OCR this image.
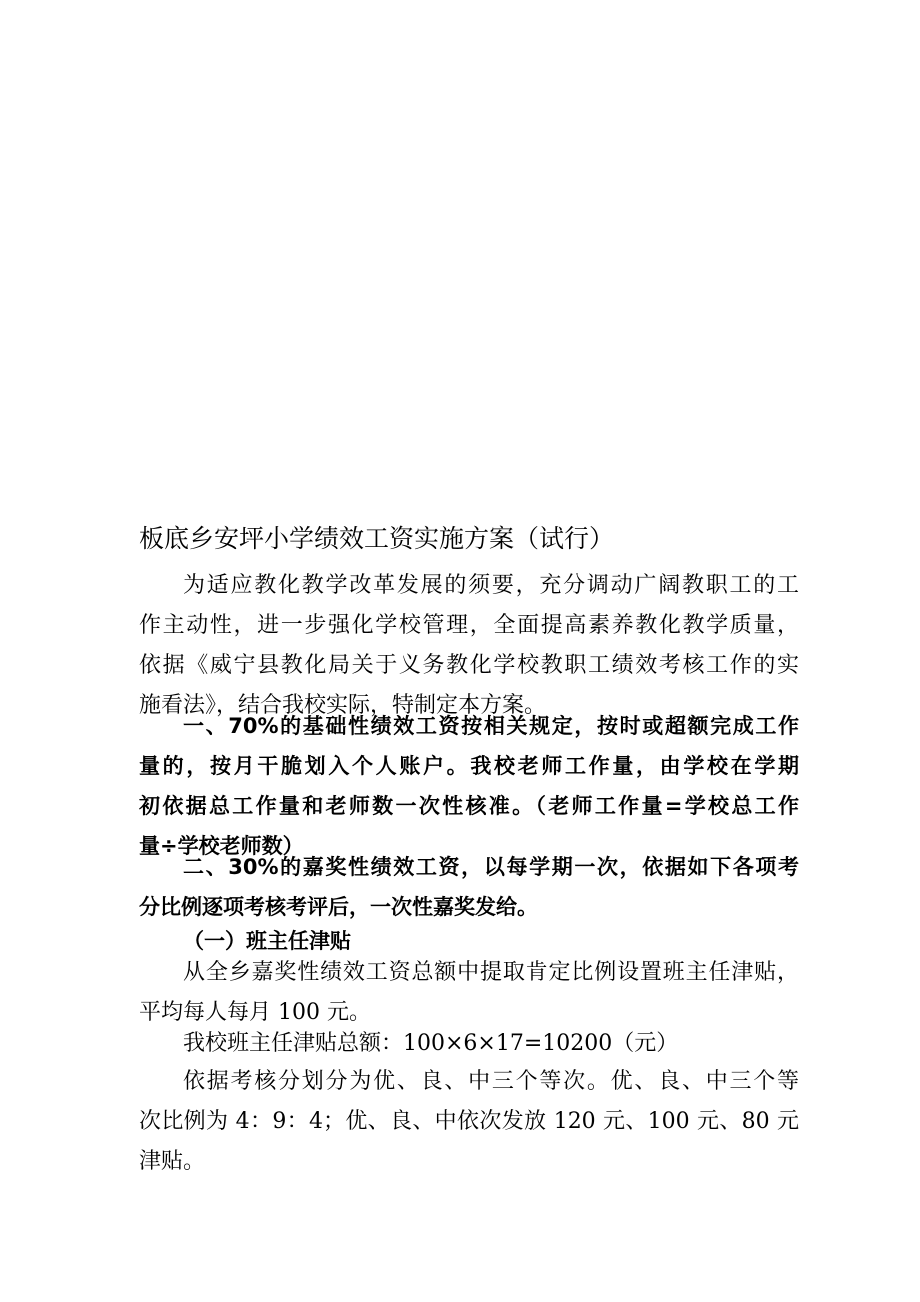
板底乡安坪小学绩效工资实施方案（试行）
为适应教化教学改革发展的须要，充分调动广阔教职工的工
作主动性，进一步强化学校管理，全面提高素养教化教学质量，
依据《威宁县教化局关于义务教化学校教职工绩效考核工作的实
施看法》，结合我校实际，特制定本方案。
一、70%的基础性绩效工资按相关规定，按时或超额完成工作
量的，按月干脆划入个人账户。我校老师工作量，由学校在学期
初依据总工作量和老师数一次性核准。（老师工作量=学校总工作
量÷学校老师数）
二、30%的嘉奖性绩效工资，以每学期一次，依据如下各项考
分比例逐项考核考评后，一次性嘉奖发给。
（一）班主任津贴
从全乡嘉奖性绩效工资总额中提取肯定比例设置班主任津贴，
平均每人每月 100 元。
我校班主任津贴总额：100×6×17=10200（元）
依据考核分划分为优、良、中三个等次。优、良、中三个等
次比例为 4：9：4；优、良、中依次发放 120 元、100 元、80 元
津贴。
